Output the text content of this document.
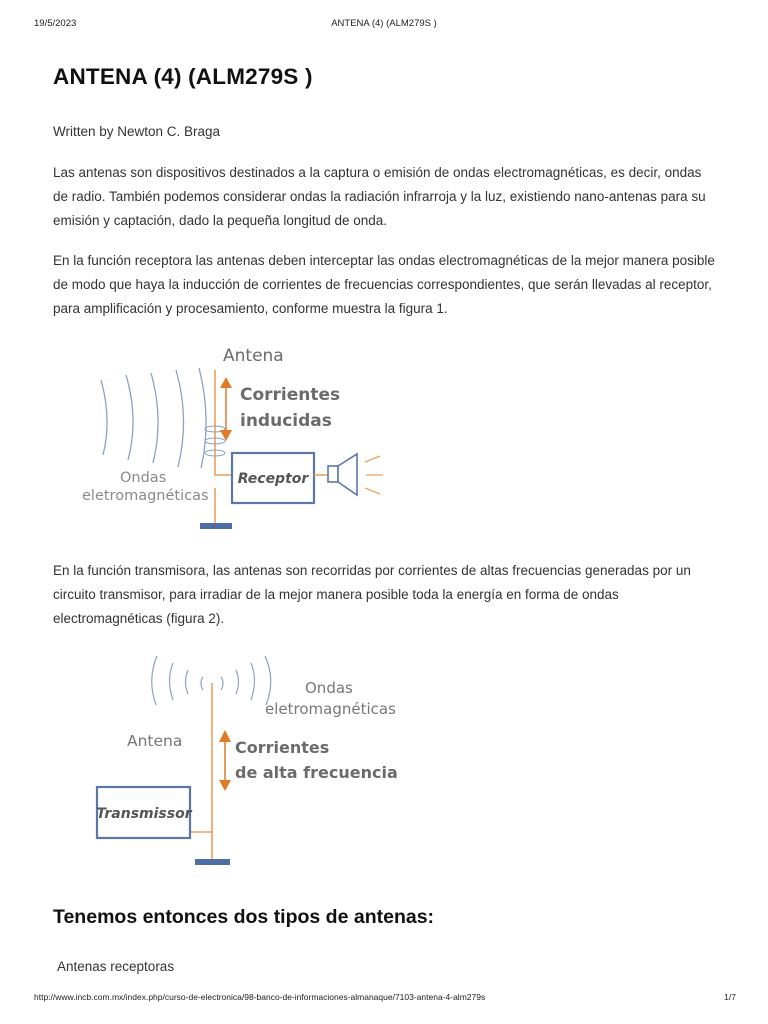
19/5/2023	ANTENA (4) (ALM279S )
ANTENA (4) (ALM279S )
Written by Newton C. Braga

Las antenas son dispositivos destinados a la captura o emisión de ondas electromagnéticas, es decir, ondas de radio. También podemos considerar ondas la radiación infrarroja y la luz, existiendo nano-antenas para su emisión y captación, dado la pequeña longitud de onda.

En la función receptora las antenas deben interceptar las ondas electromagnéticas de la mejor manera posible de modo que haya la inducción de corrientes de frecuencias correspondientes, que serán llevadas al receptor, para amplificación y procesamiento, conforme muestra la figura 1.

En la función transmisora, las antenas son recorridas por corrientes de altas frecuencias generadas por un circuito transmisor, para irradiar de la mejor manera posible toda la energía en forma de ondas electromagnéticas (figura 2).

Tenemos entonces dos tipos de antenas:
Antenas receptoras
Antena
Corrientes
inducidas
Ondas
eletromagnéticas
Receptor
Ondas
eletromagnéticas
Antena	Corrientes
de alta frecuencia
Transmissor
http://www.incb.com.mx/index.php/curso-de-electronica/98-banco-de-informaciones-almanaque/7103-antena-4-alm279s	1/7
